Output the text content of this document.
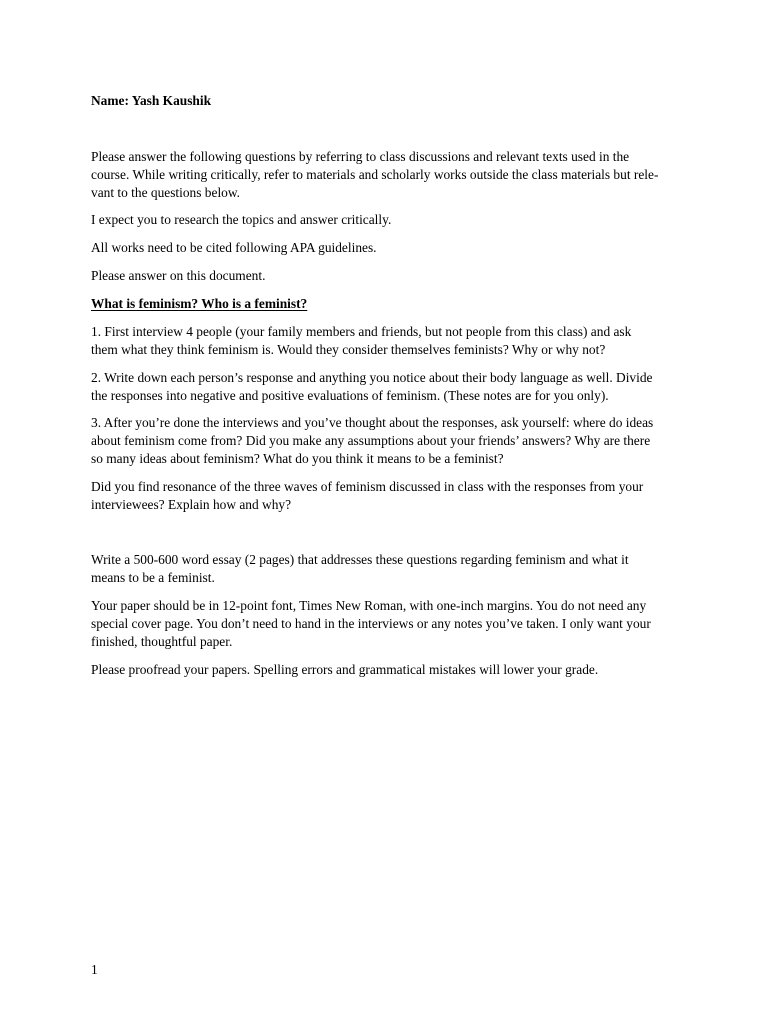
Name: Yash Kaushik

Please answer the following questions by referring to class discussions and relevant texts used in the
course. While writing critically, refer to materials and scholarly works outside the class materials but rele-
vant to the questions below.

I expect you to research the topics and answer critically.

All works need to be cited following APA guidelines.

Please answer on this document.

What is feminism? Who is a feminist?

1. First interview 4 people (your family members and friends, but not people from this class) and ask
them what they think feminism is. Would they consider themselves feminists? Why or why not?

2. Write down each person’s response and anything you notice about their body language as well. Divide
the responses into negative and positive evaluations of feminism. (These notes are for you only).

3. After you’re done the interviews and you’ve thought about the responses, ask yourself: where do ideas
about feminism come from? Did you make any assumptions about your friends’ answers? Why are there
so many ideas about feminism? What do you think it means to be a feminist?

Did you find resonance of the three waves of feminism discussed in class with the responses from your
interviewees? Explain how and why?

Write a 500-600 word essay (2 pages) that addresses these questions regarding feminism and what it
means to be a feminist.

Your paper should be in 12-point font, Times New Roman, with one-inch margins. You do not need any
special cover page. You don’t need to hand in the interviews or any notes you’ve taken. I only want your
finished, thoughtful paper.

Please proofread your papers. Spelling errors and grammatical mistakes will lower your grade.

1
